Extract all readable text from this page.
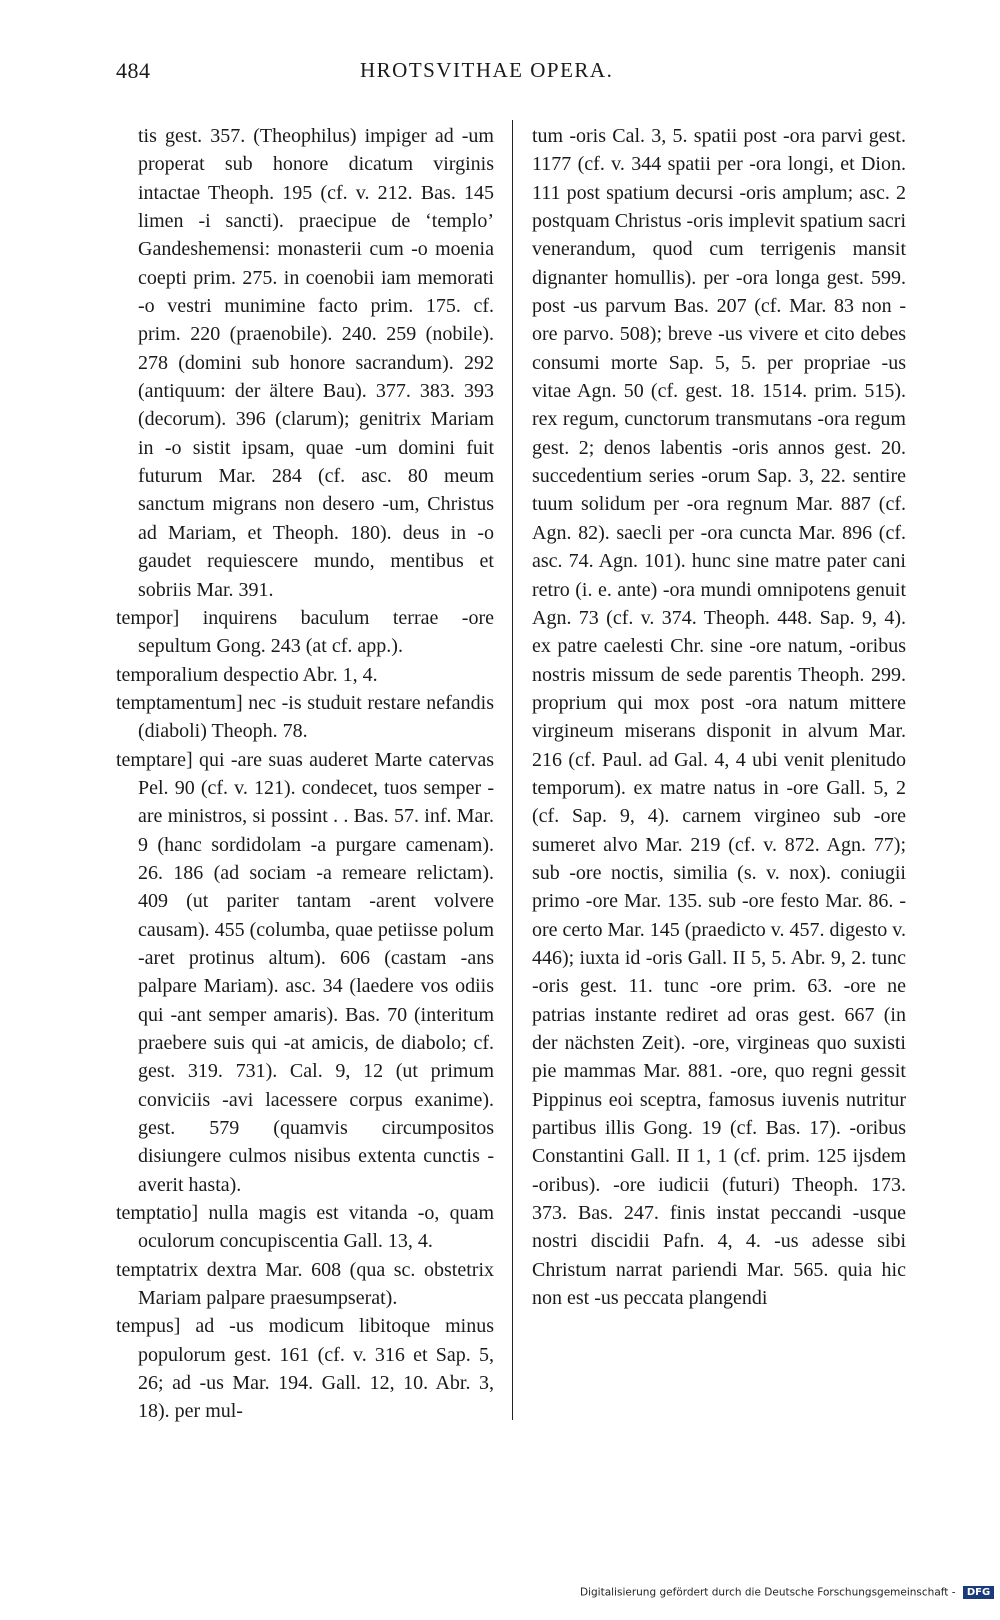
484	HROTSVITHAE OPERA.

tis gest. 357. (Theophilus) impiger ad -um properat sub honore dicatum virginis intactae Theoph. 195 (cf. v. 212. Bas. 145 limen -i sancti). praecipue de ‘templo’ Gandeshemensi: monasterii cum -o moenia coepti prim. 275. in coenobii iam memorati -o vestri munimine facto prim. 175. cf. prim. 220 (praenobile). 240. 259 (nobile). 278 (domini sub honore sacrandum). 292 (antiquum: der ältere Bau). 377. 383. 393 (decorum). 396 (clarum); genitrix Mariam in -o sistit ipsam, quae -um domini fuit futurum Mar. 284 (cf. asc. 80 meum sanctum migrans non desero -um, Christus ad Mariam, et Theoph. 180). deus in -o gaudet requiescere mundo, mentibus et sobriis Mar. 391.

tempor] inquirens baculum terrae -ore sepultum Gong. 243 (at cf. app.).

temporalium despectio Abr. 1, 4.

temptamentum] nec -is studuit restare nefandis (diaboli) Theoph. 78.

temptare] qui -are suas auderet Marte catervas Pel. 90 (cf. v. 121). condecet, tuos semper -are ministros, si possint . . Bas. 57. inf. Mar. 9 (hanc sordidolam -a purgare camenam). 26. 186 (ad sociam -a remeare relictam). 409 (ut pariter tantam -arent volvere causam). 455 (columba, quae petiisse polum -aret protinus altum). 606 (castam -ans palpare Mariam). asc. 34 (laedere vos odiis qui -ant semper amaris). Bas. 70 (interitum praebere suis qui -at amicis, de diabolo; cf. gest. 319. 731). Cal. 9, 12 (ut primum conviciis -avi lacessere corpus exanime). gest. 579 (quamvis circumpositos disiungere culmos nisibus extenta cunctis -averit hasta).

temptatio] nulla magis est vitanda -o, quam oculorum concupiscentia Gall. 13, 4.

temptatrix dextra Mar. 608 (qua sc. obstetrix Mariam palpare praesumpserat).

tempus] ad -us modicum libitoque minus populorum gest. 161 (cf. v. 316 et Sap. 5, 26; ad -us Mar. 194. Gall. 12, 10. Abr. 3, 18). per mul-

tum -oris Cal. 3, 5. spatii post -ora parvi gest. 1177 (cf. v. 344 spatii per -ora longi, et Dion. 111 post spatium decursi -oris amplum; asc. 2 postquam Christus -oris implevit spatium sacri venerandum, quod cum terrigenis mansit dignanter homullis). per -ora longa gest. 599. post -us parvum Bas. 207 (cf. Mar. 83 non -ore parvo. 508); breve -us vivere et cito debes consumi morte Sap. 5, 5. per propriae -us vitae Agn. 50 (cf. gest. 18. 1514. prim. 515). rex regum, cunctorum transmutans -ora regum gest. 2; denos labentis -oris annos gest. 20. succedentium series -orum Sap. 3, 22. sentire tuum solidum per -ora regnum Mar. 887 (cf. Agn. 82). saecli per -ora cuncta Mar. 896 (cf. asc. 74. Agn. 101). hunc sine matre pater cani retro (i. e. ante) -ora mundi omnipotens genuit Agn. 73 (cf. v. 374. Theoph. 448. Sap. 9, 4). ex patre caelesti Chr. sine -ore natum, -oribus nostris missum de sede parentis Theoph. 299. proprium qui mox post -ora natum mittere virgineum miserans disponit in alvum Mar. 216 (cf. Paul. ad Gal. 4, 4 ubi venit plenitudo temporum). ex matre natus in -ore Gall. 5, 2 (cf. Sap. 9, 4). carnem virgineo sub -ore sumeret alvo Mar. 219 (cf. v. 872. Agn. 77); sub -ore noctis, similia (s. v. nox). coniugii primo -ore Mar. 135. sub -ore festo Mar. 86. -ore certo Mar. 145 (praedicto v. 457. digesto v. 446); iuxta id -oris Gall. II 5, 5. Abr. 9, 2. tunc -oris gest. 11. tunc -ore prim. 63. -ore ne patrias instante rediret ad oras gest. 667 (in der nächsten Zeit). -ore, virgineas quo suxisti pie mammas Mar. 881. -ore, quo regni gessit Pippinus eoi sceptra, famosus iuvenis nutritur partibus illis Gong. 19 (cf. Bas. 17). -oribus Constantini Gall. II 1, 1 (cf. prim. 125 ijsdem -oribus). -ore iudicii (futuri) Theoph. 173. 373. Bas. 247. finis instat peccandi -usque nostri discidii Pafn. 4, 4. -us adesse sibi Christum narrat pariendi Mar. 565. quia hic non est -us peccata plangendi

Digitalisierung gefördert durch die Deutsche Forschungsgemeinschaft - DFG
